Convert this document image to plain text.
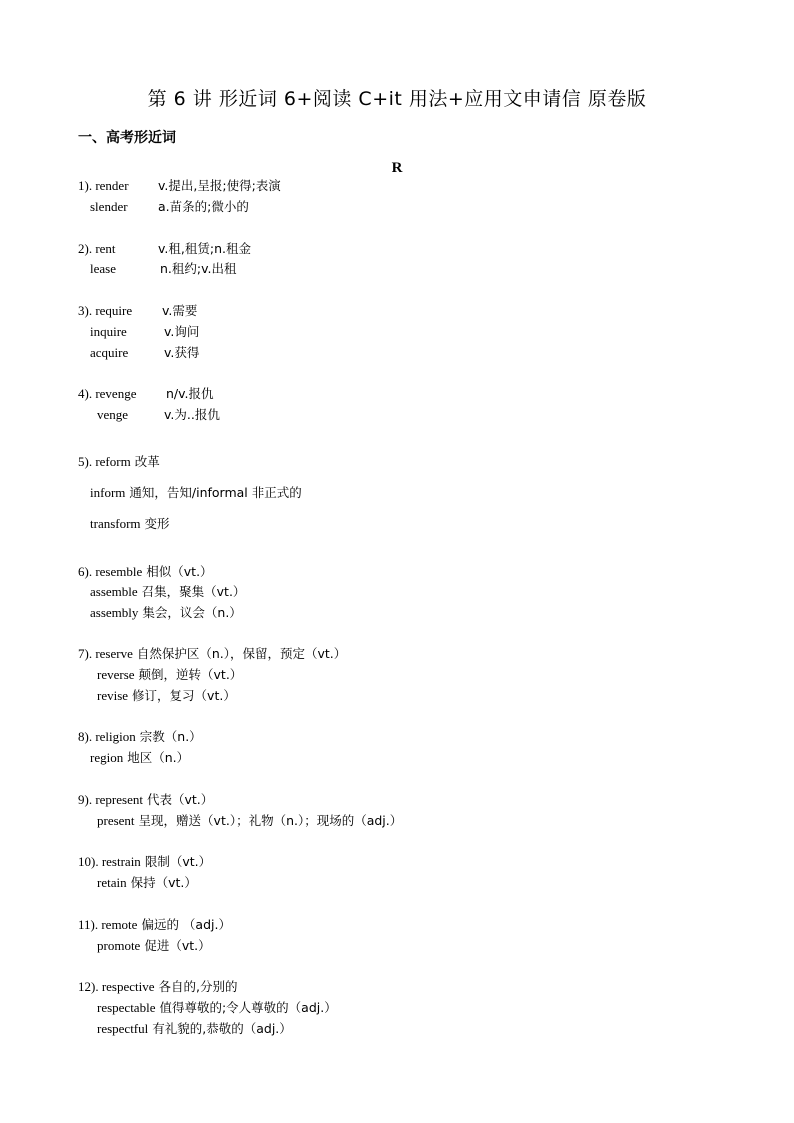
第 6 讲 形近词 6+阅读 C+it 用法+应用文申请信 原卷版
一、高考形近词
R
1). render v.提出,呈报;使得;表演
slender a.苗条的;微小的
2). rent	v.租,租赁;n.租金
lease	n.租约;v.出租
3). require v.需要
inquire	v.询问
acquire	v.获得
4). revenge n/v.报仇
venge	v.为..报仇
5). reform 改革
inform 通知，告知/informal 非正式的
transform 变形
6). resemble 相似（vt.）
assemble 召集，聚集（vt.）
assembly 集会，议会（n.）
7). reserve 自然保护区（n.），保留，预定（vt.）
reverse 颠倒，逆转（vt.）
revise 修订，复习（vt.）
8). religion 宗教（n.）
region 地区（n.）
9). represent 代表（vt.）
present 呈现，赠送（vt.）；礼物（n.）；现场的（adj.）
10). restrain 限制（vt.）
retain 保持（vt.）
11). remote 偏远的 （adj.）
promote 促进（vt.）
12). respective 各自的,分别的
respectable 值得尊敬的;令人尊敬的（adj.）
respectful 有礼貌的,恭敬的（adj.）
